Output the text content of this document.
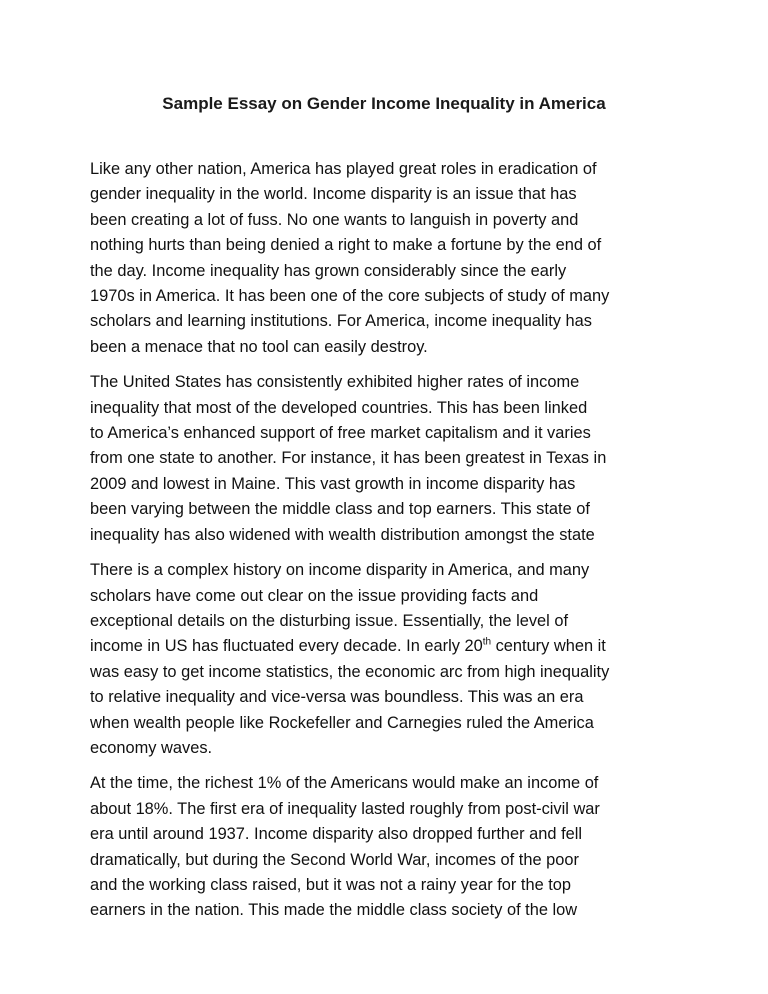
Sample Essay on Gender Income Inequality in America

Like any other nation, America has played great roles in eradication of
gender inequality in the world. Income disparity is an issue that has
been creating a lot of fuss. No one wants to languish in poverty and
nothing hurts than being denied a right to make a fortune by the end of
the day. Income inequality has grown considerably since the early
1970s in America. It has been one of the core subjects of study of many
scholars and learning institutions. For America, income inequality has
been a menace that no tool can easily destroy.

The United States has consistently exhibited higher rates of income
inequality that most of the developed countries. This has been linked
to America’s enhanced support of free market capitalism and it varies
from one state to another. For instance, it has been greatest in Texas in
2009 and lowest in Maine. This vast growth in income disparity has
been varying between the middle class and top earners. This state of
inequality has also widened with wealth distribution amongst the state

There is a complex history on income disparity in America, and many
scholars have come out clear on the issue providing facts and
exceptional details on the disturbing issue. Essentially, the level of
income in US has fluctuated every decade. In early 20th century when it
was easy to get income statistics, the economic arc from high inequality
to relative inequality and vice-versa was boundless. This was an era
when wealth people like Rockefeller and Carnegies ruled the America
economy waves.

At the time, the richest 1% of the Americans would make an income of
about 18%. The first era of inequality lasted roughly from post-civil war
era until around 1937. Income disparity also dropped further and fell
dramatically, but during the Second World War, incomes of the poor
and the working class raised, but it was not a rainy year for the top
earners in the nation. This made the middle class society of the low
